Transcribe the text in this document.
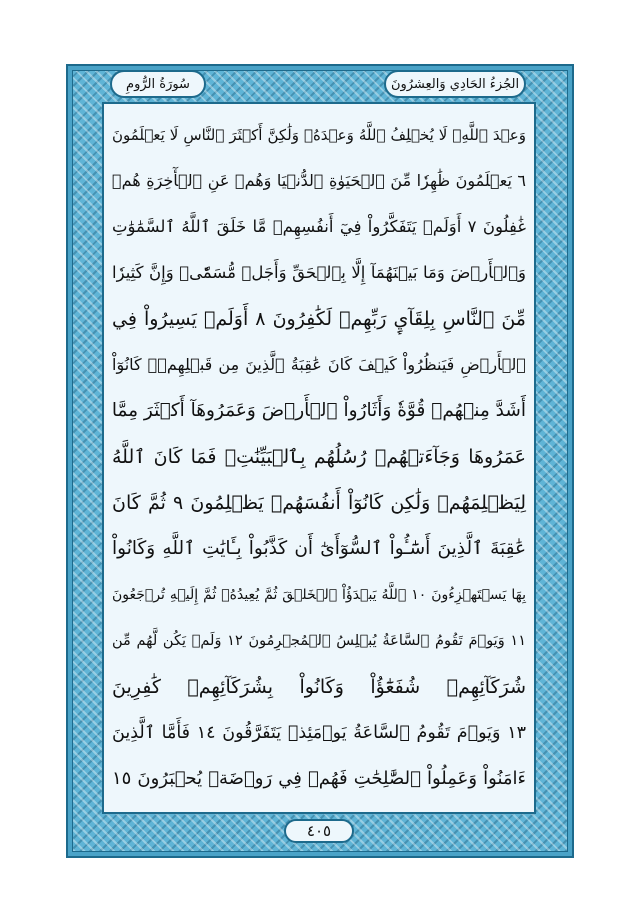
سُورَةُ الرُّومِ	الجُزءُ الحَادِي وَالعِشرُونَ
وَعۡدَ ٱللَّهِۖ لَا يُخۡلِفُ ٱللَّهُ وَعۡدَهُۥ وَلَٰكِنَّ أَكۡثَرَ ٱلنَّاسِ لَا يَعۡلَمُونَ
٦ يَعۡلَمُونَ ظَٰهِرٗا مِّنَ ٱلۡحَيَوٰةِ ٱلدُّنۡيَا وَهُمۡ عَنِ ٱلۡأٓخِرَةِ هُمۡ
غَٰفِلُونَ ٧ أَوَلَمۡ يَتَفَكَّرُواْ فِيٓ أَنفُسِهِمۗ مَّا خَلَقَ ٱللَّهُ ٱلسَّمَٰوَٰتِ
وَٱلۡأَرۡضَ وَمَا بَيۡنَهُمَآ إِلَّا بِٱلۡحَقِّ وَأَجَلٖ مُّسَمّٗىۗ وَإِنَّ كَثِيرٗا
مِّنَ ٱلنَّاسِ بِلِقَآيِٕ رَبِّهِمۡ لَكَٰفِرُونَ ٨ أَوَلَمۡ يَسِيرُواْ فِي
ٱلۡأَرۡضِ فَيَنظُرُواْ كَيۡفَ كَانَ عَٰقِبَةُ ٱلَّذِينَ مِن قَبۡلِهِمۡۚ كَانُوٓاْ
أَشَدَّ مِنۡهُمۡ قُوَّةٗ وَأَثَارُواْ ٱلۡأَرۡضَ وَعَمَرُوهَآ أَكۡثَرَ مِمَّا
عَمَرُوهَا وَجَآءَتۡهُمۡ رُسُلُهُم بِٱلۡبَيِّنَٰتِۖ فَمَا كَانَ ٱللَّهُ
لِيَظۡلِمَهُمۡ وَلَٰكِن كَانُوٓاْ أَنفُسَهُمۡ يَظۡلِمُونَ ٩ ثُمَّ كَانَ
عَٰقِبَةَ ٱلَّذِينَ أَسَٰٓـُٔواْ ٱلسُّوٓأَىٰٓ أَن كَذَّبُواْ بِـَٔايَٰتِ ٱللَّهِ وَكَانُواْ
بِهَا يَسۡتَهۡزِءُونَ ١٠ ٱللَّهُ يَبۡدَؤُاْ ٱلۡخَلۡقَ ثُمَّ يُعِيدُهُۥ ثُمَّ إِلَيۡهِ تُرۡجَعُونَ
١١ وَيَوۡمَ تَقُومُ ٱلسَّاعَةُ يُبۡلِسُ ٱلۡمُجۡرِمُونَ ١٢ وَلَمۡ يَكُن لَّهُم مِّن
شُرَكَآئِهِمۡ شُفَعَٰٓؤُاْ وَكَانُواْ بِشُرَكَآئِهِمۡ كَٰفِرِينَ
١٣ وَيَوۡمَ تَقُومُ ٱلسَّاعَةُ يَوۡمَئِذٖ يَتَفَرَّقُونَ ١٤ فَأَمَّا ٱلَّذِينَ
ءَامَنُواْ وَعَمِلُواْ ٱلصَّٰلِحَٰتِ فَهُمۡ فِي رَوۡضَةٖ يُحۡبَرُونَ ١٥
٤٠٥
